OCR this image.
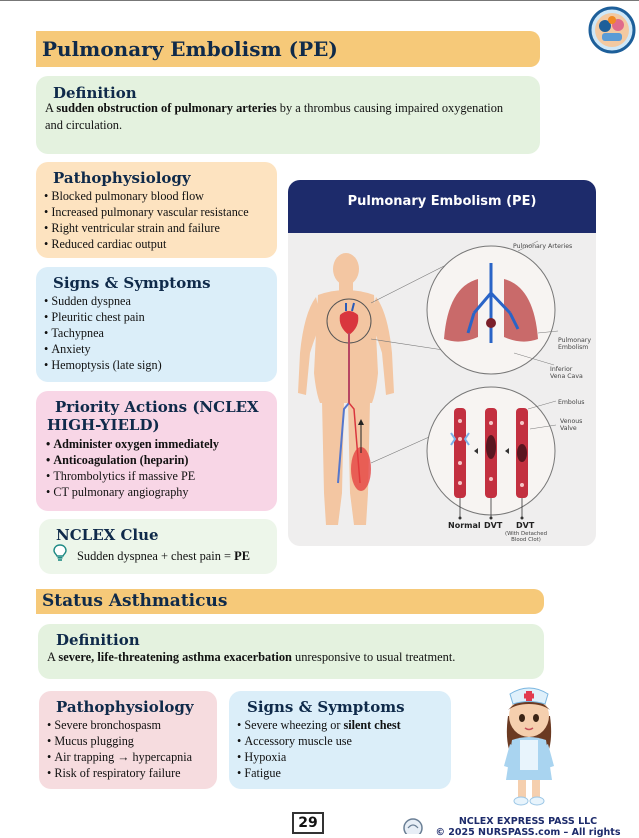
Pulmonary Embolism (PE)
Definition
A sudden obstruction of pulmonary arteries by a thrombus causing impaired oxygenation and circulation.
Pathophysiology
• Blocked pulmonary blood flow
• Increased pulmonary vascular resistance
• Right ventricular strain and failure
• Reduced cardiac output
Signs & Symptoms
• Sudden dyspnea
• Pleuritic chest pain
• Tachypnea
• Anxiety
• Hemoptysis (late sign)
Priority Actions (NCLEX
HIGH-YIELD)
• Administer oxygen immediately
• Anticoagulation (heparin)
• Thrombolytics if massive PE
• CT pulmonary angiography
NCLEX Clue
Sudden dyspnea + chest pain = PE
Pulmonary Embolism (PE)
Pulmonary Arteries
Pulmonary
Embolism
Inferior
Vena Cava
Embolus
Venous
Valve
Normal DVT DVT
(With Detached
Blood Clot)
Status Asthmaticus
Definition
A severe, life-threatening asthma exacerbation unresponsive to usual treatment.
Pathophysiology
• Severe bronchospasm
• Mucus plugging
• Air trapping → hypercapnia
• Risk of respiratory failure
Signs & Symptoms
• Severe wheezing or silent chest
• Accessory muscle use
• Hypoxia
• Fatigue
29	NCLEX EXPRESS PASS LLC
© 2025 NURSPASS.com – All rights
